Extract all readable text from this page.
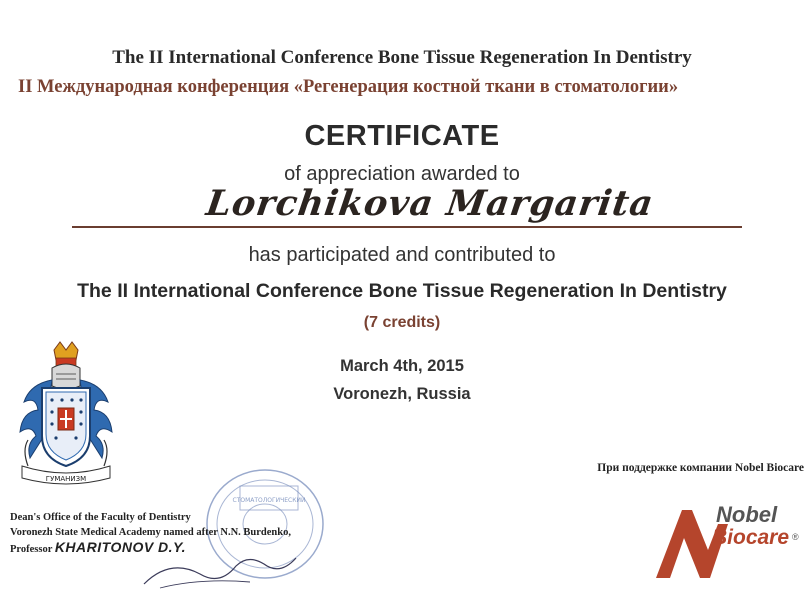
The II International Conference Bone Tissue Regeneration In Dentistry
II Международная конференция «Регенерация костной ткани в стоматологии»
CERTIFICATE
of appreciation awarded to
Lorchikova Margarita
has participated and contributed to
The II International Conference Bone Tissue Regeneration In Dentistry
(7 credits)
March 4th, 2015
Voronezh, Russia
ГУМАНИЗМ
При поддержке компании Nobel Biocare
СТОМАТОЛОГИЧЕСКИЙ
Dean's Office of the Faculty of Dentistry
Voronezh State Medical Academy named after N.N. Burdenko,
Professor KHARITONOV D.Y.
Nobel
Biocare ®
